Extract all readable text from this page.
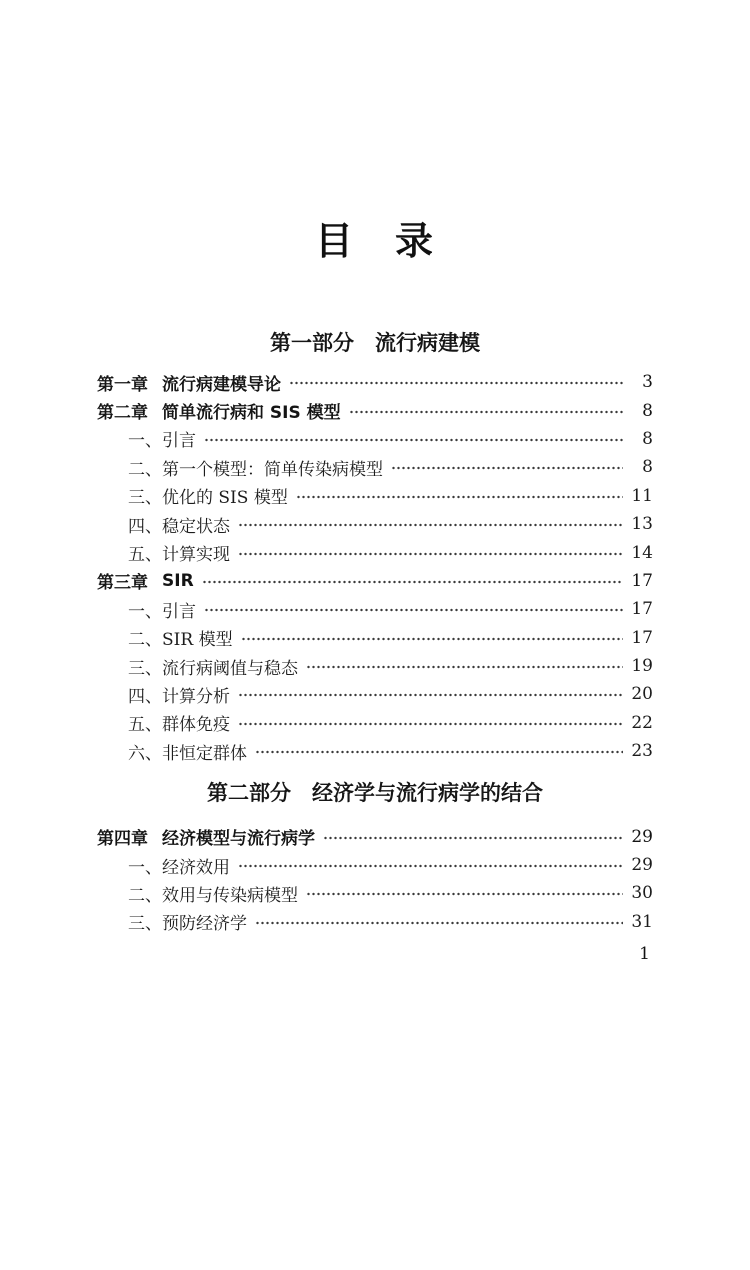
目　录
第一部分　流行病建模
第一章 流行病建模导论	3
第二章 简单流行病和 SIS 模型	8
一、 引言	8
二、 第一个模型：简单传染病模型	8
三、 优化的 SIS 模型	11
四、 稳定状态	13
五、 计算实现	14
第三章 SIR	17
一、 引言	17
二、 SIR 模型	17
三、 流行病阈值与稳态	19
四、 计算分析	20
五、 群体免疫	22
六、 非恒定群体	23
第二部分　经济学与流行病学的结合
第四章 经济模型与流行病学	29
一、 经济效用	29
二、 效用与传染病模型	30
三、 预防经济学	31
1
